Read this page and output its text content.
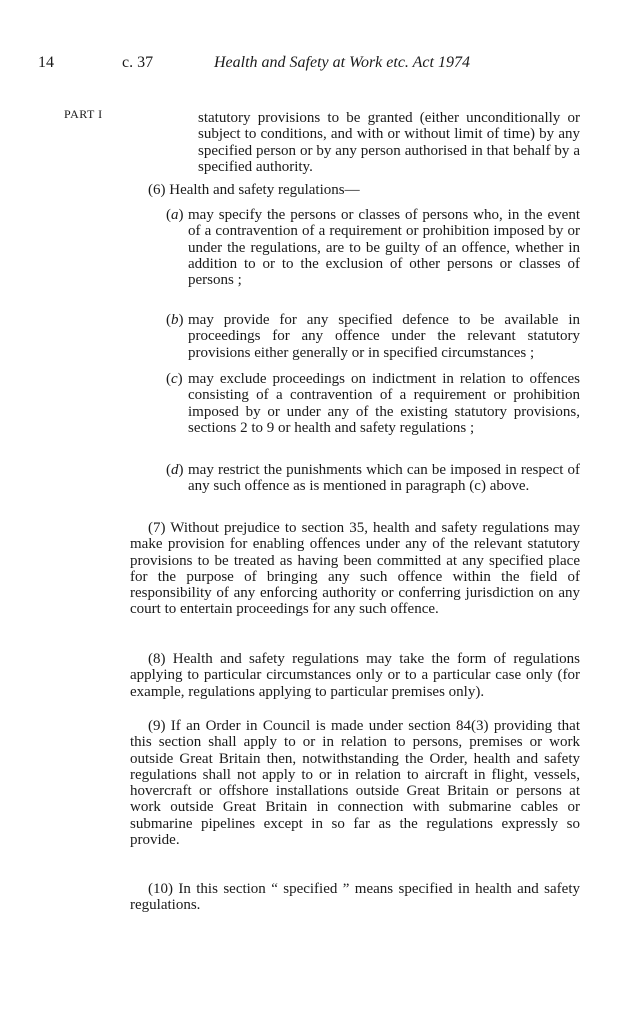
14	c. 37	Health and Safety at Work etc. Act 1974
PART I	statutory provisions to be granted (either unconditionally or subject to conditions, and with or without limit of time) by any specified person or by any person authorised in that behalf by a specified authority.
(6) Health and safety regulations—
( a ) may specify the persons or classes of persons who, in the event of a contravention of a requirement or prohibition imposed by or under the regulations, are to be guilty of an offence, whether in addition to or to the exclusion of other persons or classes of persons ;
( b ) may provide for any specified defence to be available in proceedings for any offence under the relevant statutory provisions either generally or in specified circumstances ;
( c ) may exclude proceedings on indictment in relation to offences consisting of a contravention of a requirement or prohibition imposed by or under any of the existing statutory provisions, sections 2 to 9 or health and safety regulations ;
( d ) may restrict the punishments which can be imposed in respect of any such offence as is mentioned in paragraph (c) above.
(7) Without prejudice to section 35, health and safety regulations may make provision for enabling offences under any of the relevant statutory provisions to be treated as having been committed at any specified place for the purpose of bringing any such offence within the field of responsibility of any enforcing authority or conferring jurisdiction on any court to entertain proceedings for any such offence.
(8) Health and safety regulations may take the form of regulations applying to particular circumstances only or to a particular case only (for example, regulations applying to particular premises only).
(9) If an Order in Council is made under section 84(3) providing that this section shall apply to or in relation to persons, premises or work outside Great Britain then, notwithstanding the Order, health and safety regulations shall not apply to or in relation to aircraft in flight, vessels, hovercraft or offshore installations outside Great Britain or persons at work outside Great Britain in connection with submarine cables or submarine pipelines except in so far as the regulations expressly so provide.
(10) In this section “ specified ” means specified in health and safety regulations.
